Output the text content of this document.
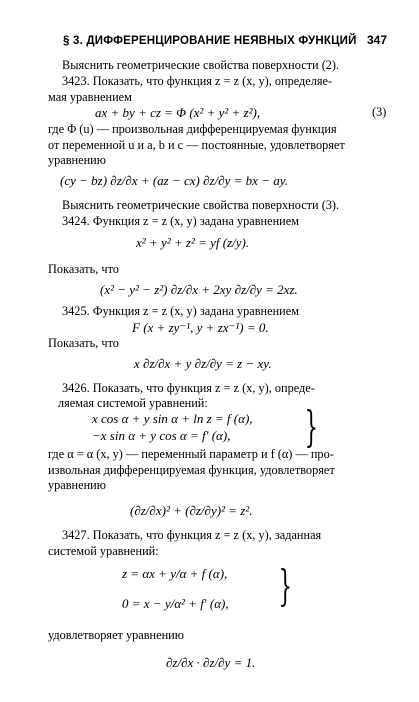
§ 3. ДИФФЕРЕНЦИРОВАНИЕ НЕЯВНЫХ ФУНКЦИЙ 347
Выяснить геометрические свойства поверхности (2).
3423. Показать, что функция z = z (x, y), определяе-
мая уравнением
ax + by + cz = Φ (x² + y² + z²),	(3)
где Φ (u) — произвольная дифференцируемая функция
от переменной u и a, b и c — постоянные, удовлетворяет
уравнению
(cy − bz) ∂z/∂x + (az − cx) ∂z/∂y = bx − ay.
Выяснить геометрические свойства поверхности (3).
3424. Функция z = z (x, y) задана уравнением
x² + y² + z² = yf (z/y).
Показать, что
(x² − y² − z²) ∂z/∂x + 2xy ∂z/∂y = 2xz.
3425. Функция z = z (x, y) задана уравнением
F (x + zy⁻¹, y + zx⁻¹) = 0.
Показать, что
x ∂z/∂x + y ∂z/∂y = z − xy.
3426. Показать, что функция z = z (x, y), опреде-
ляемая системой уравнений:
x cos α + y sin α + ln z = f (α),
−x sin α + y cos α = f′ (α), }
где α = α (x, y) — переменный параметр и f (α) — про-
извольная дифференцируемая функция, удовлетворяет
уравнению
(∂z/∂x)² + (∂z/∂y)² = z².
3427. Показать, что функция z = z (x, y), заданная
системой уравнений:
z = αx + y/α + f (α),
0 = x − y/α² + f′ (α), }
удовлетворяет уравнению
∂z/∂x · ∂z/∂y = 1.
